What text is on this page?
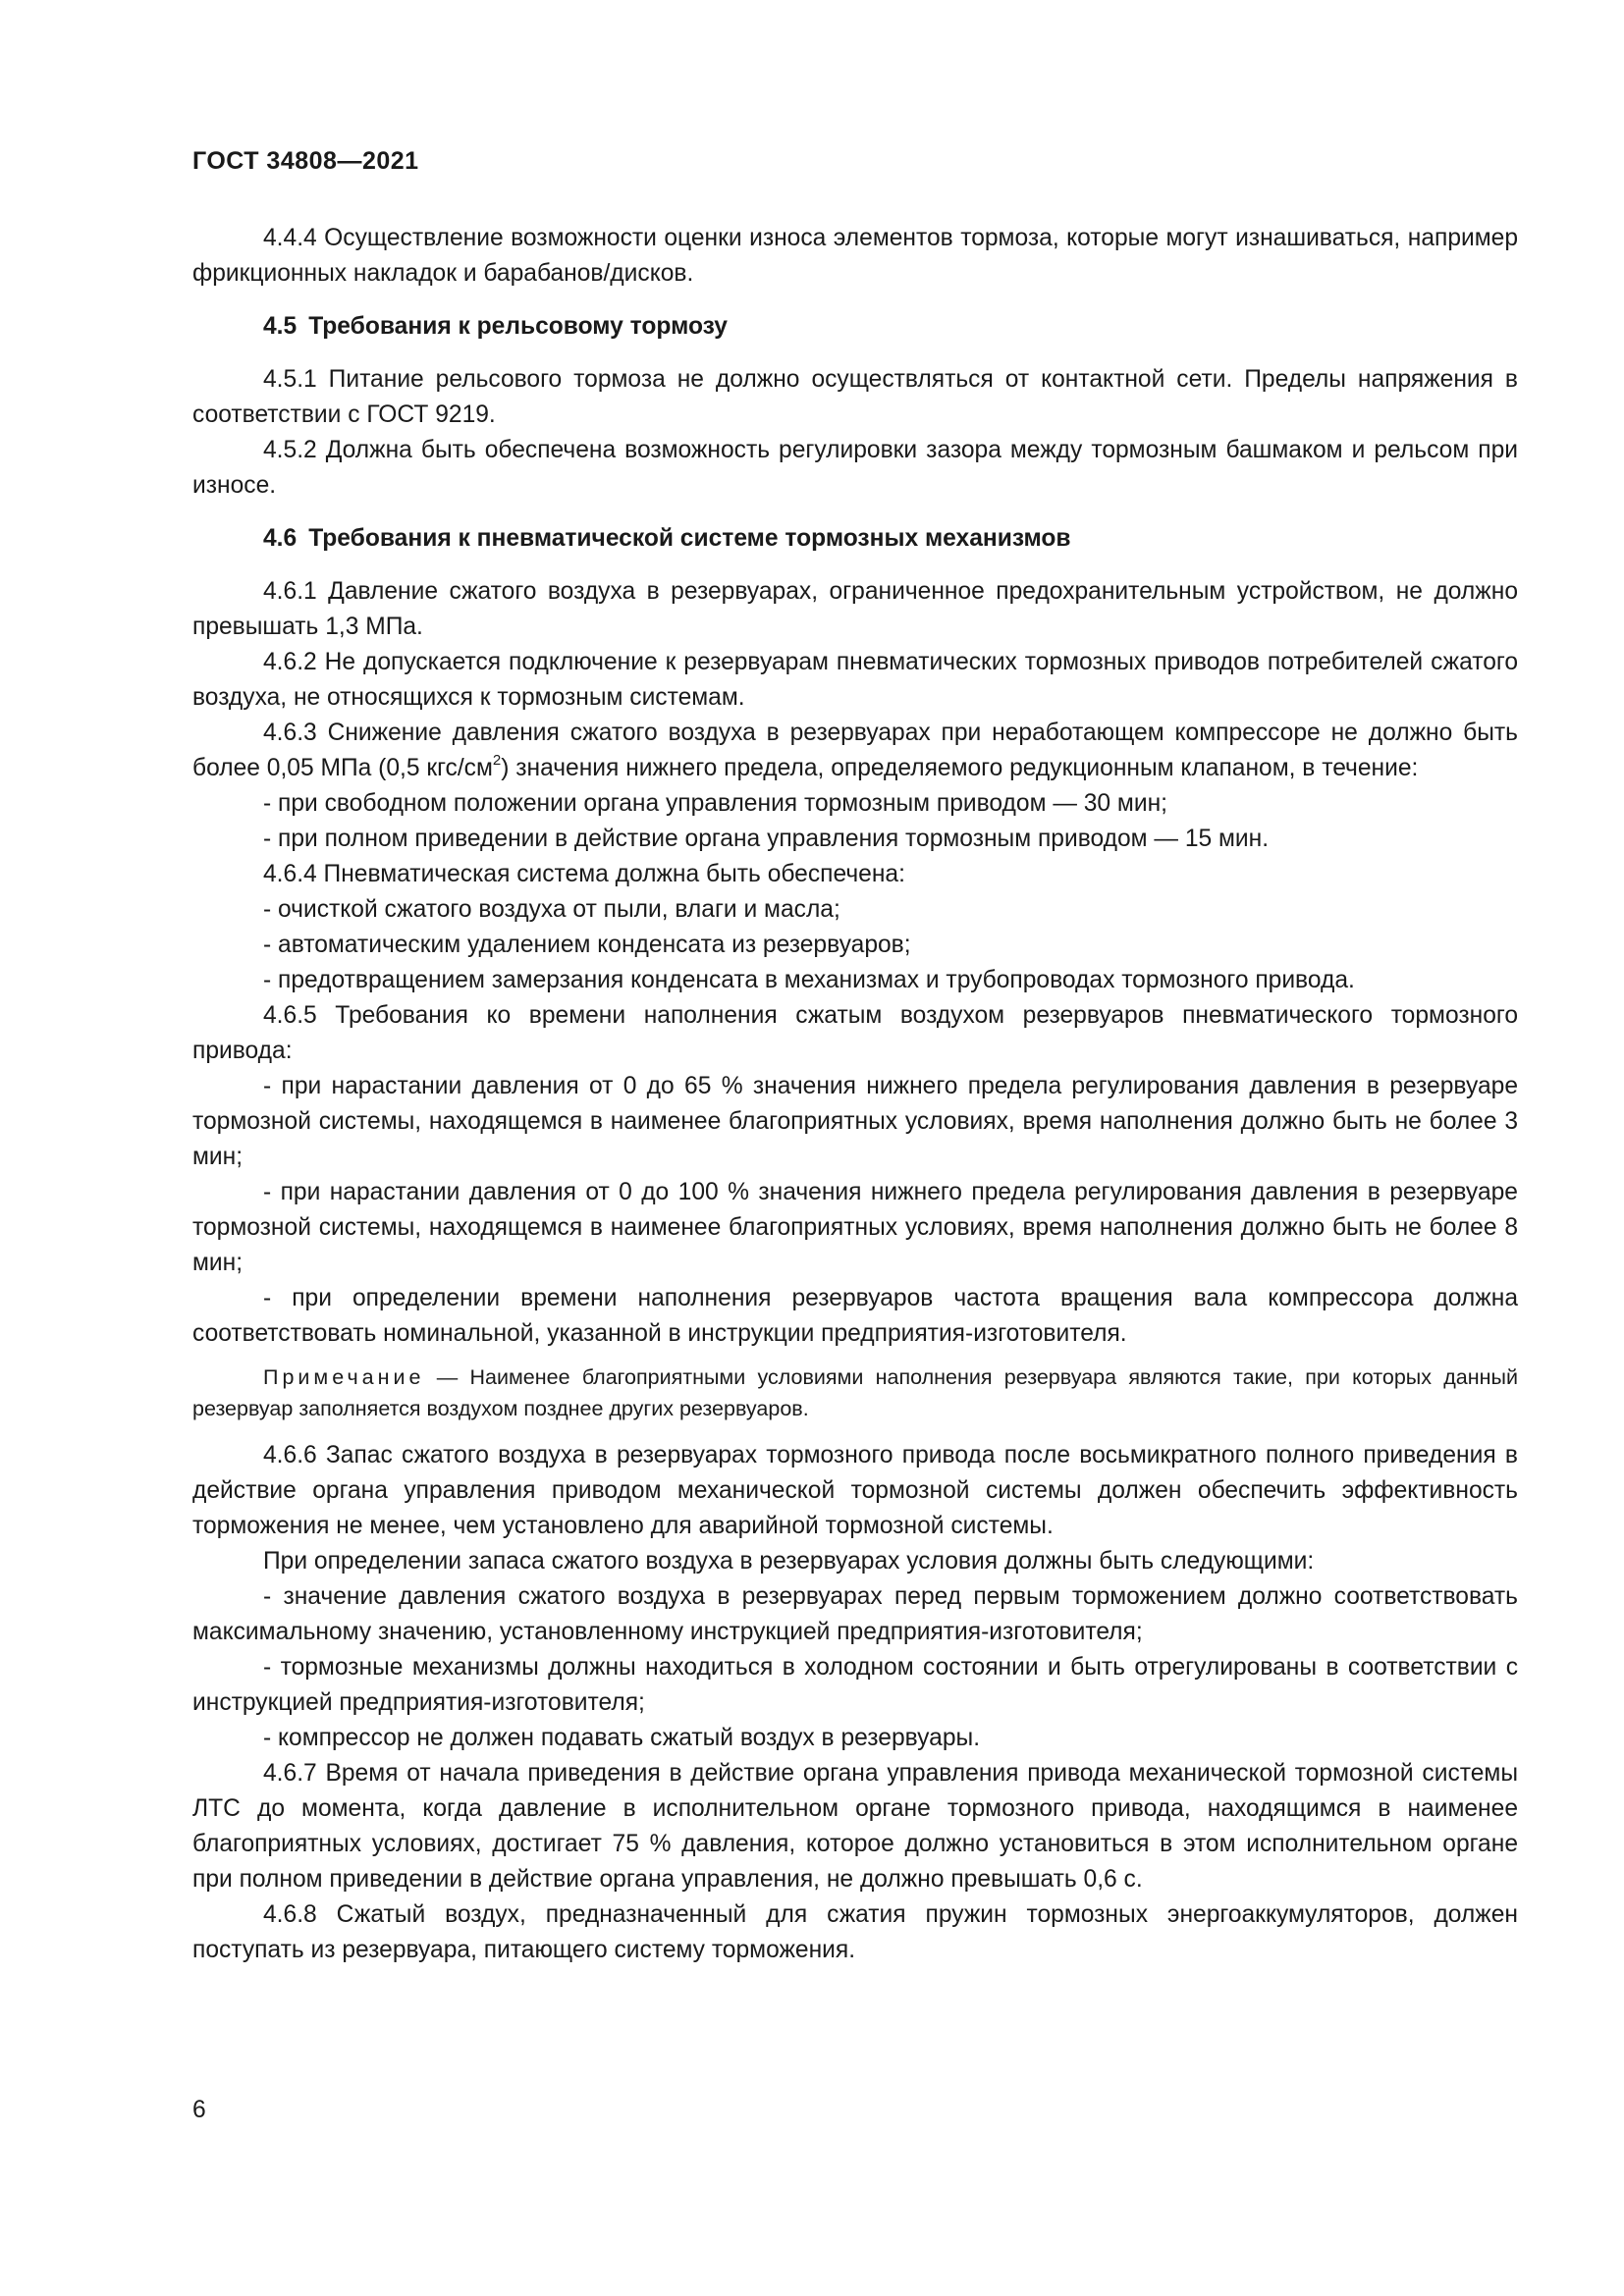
ГОСТ 34808—2021

4.4.4 Осуществление возможности оценки износа элементов тормоза, которые могут изнашиваться, например фрикционных накладок и барабанов/дисков.

4.5 Требования к рельсовому тормозу

4.5.1 Питание рельсового тормоза не должно осуществляться от контактной сети. Пределы напряжения в соответствии с ГОСТ 9219.

4.5.2 Должна быть обеспечена возможность регулировки зазора между тормозным башмаком и рельсом при износе.

4.6 Требования к пневматической системе тормозных механизмов

4.6.1 Давление сжатого воздуха в резервуарах, ограниченное предохранительным устройством, не должно превышать 1,3 МПа.

4.6.2 Не допускается подключение к резервуарам пневматических тормозных приводов потребителей сжатого воздуха, не относящихся к тормозным системам.

4.6.3 Снижение давления сжатого воздуха в резервуарах при неработающем компрессоре не должно быть более 0,05 МПа (0,5 кгс/$см^2$) значения нижнего предела, определяемого редукционным клапаном, в течение:

- при свободном положении органа управления тормозным приводом — 30 мин;

- при полном приведении в действие органа управления тормозным приводом — 15 мин.

4.6.4 Пневматическая система должна быть обеспечена:

- очисткой сжатого воздуха от пыли, влаги и масла;

- автоматическим удалением конденсата из резервуаров;

- предотвращением замерзания конденсата в механизмах и трубопроводах тормозного привода.

4.6.5 Требования ко времени наполнения сжатым воздухом резервуаров пневматического тормозного привода:

- при нарастании давления от 0 до 65 % значения нижнего предела регулирования давления в резервуаре тормозной системы, находящемся в наименее благоприятных условиях, время наполнения должно быть не более 3 мин;

- при нарастании давления от 0 до 100 % значения нижнего предела регулирования давления в резервуаре тормозной системы, находящемся в наименее благоприятных условиях, время наполнения должно быть не более 8 мин;

- при определении времени наполнения резервуаров частота вращения вала компрессора должна соответствовать номинальной, указанной в инструкции предприятия-изготовителя.

Примечание — Наименее благоприятными условиями наполнения резервуара являются такие, при которых данный резервуар заполняется воздухом позднее других резервуаров.

4.6.6 Запас сжатого воздуха в резервуарах тормозного привода после восьмикратного полного приведения в действие органа управления приводом механической тормозной системы должен обеспечить эффективность торможения не менее, чем установлено для аварийной тормозной системы.

При определении запаса сжатого воздуха в резервуарах условия должны быть следующими:

- значение давления сжатого воздуха в резервуарах перед первым торможением должно соответствовать максимальному значению, установленному инструкцией предприятия-изготовителя;

- тормозные механизмы должны находиться в холодном состоянии и быть отрегулированы в соответствии с инструкцией предприятия-изготовителя;

- компрессор не должен подавать сжатый воздух в резервуары.

4.6.7 Время от начала приведения в действие органа управления привода механической тормозной системы ЛТС до момента, когда давление в исполнительном органе тормозного привода, находящимся в наименее благоприятных условиях, достигает 75 % давления, которое должно установиться в этом исполнительном органе при полном приведении в действие органа управления, не должно превышать 0,6 с.

4.6.8 Сжатый воздух, предназначенный для сжатия пружин тормозных энергоаккумуляторов, должен поступать из резервуара, питающего систему торможения.

6
